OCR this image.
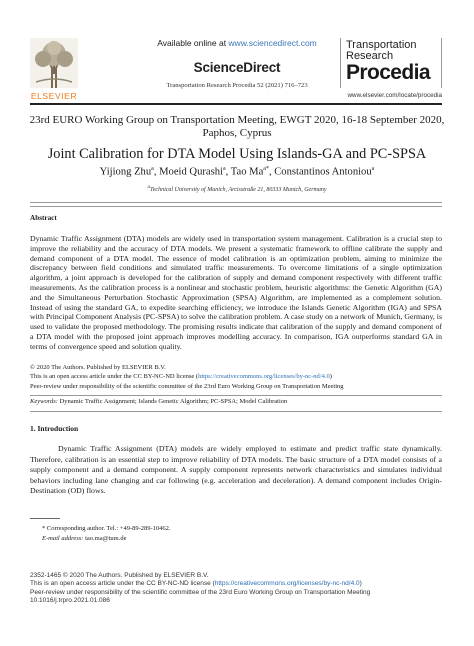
ELSEVIER
Available online at www.sciencedirect.com
ScienceDirect
Transportation Research Procedia 52 (2021) 716–723
Transportation
Research
Procedia
www.elsevier.com/locate/procedia
23rd EURO Working Group on Transportation Meeting, EWGT 2020, 16-18 September 2020,
Paphos, Cyprus
Joint Calibration for DTA Model Using Islands-GA and PC-SPSA
Yijiong Zhu$^a$, Moeid Qurashi$^a$, Tao $Ma^{a*}$, Constantinos Antoniou$^a$
$^a$Technical University of Munich, Arcisstraße 21, 80333 Munich, Germany
Abstract
Dynamic Traffic Assignment (DTA) models are widely used in transportation system management. Calibration is a crucial step to improve the reliability and the accuracy of DTA models. We present a systematic framework to offline calibrate the supply and demand component of a DTA model. The essence of model calibration is an optimization problem, aiming to minimize the discrepancy between field conditions and simulated traffic measurements. To overcome limitations of a single optimization algorithm, a joint approach is developed for the calibration of supply and demand component respectively with different traffic measurements. As the calibration process is a nonlinear and stochastic problem, heuristic algorithms: the Genetic Algorithm (GA) and the Simultaneous Perturbation Stochastic Approximation (SPSA) Algorithm, are implemented as a complement solution. Instead of using the standard GA, to expedite searching efficiency, we introduce the Islands Genetic Algorithm (IGA) and SPSA with Principal Component Analysis (PC-SPSA) to solve the calibration problem. A case study on a network of Munich, Germany, is used to validate the proposed methodology. The promising results indicate that calibration of the supply and demand component of a DTA model with the proposed joint approach improves modelling accuracy. In comparison, IGA outperforms standard GA in terms of convergence speed and solution quality.
© 2020 The Authors. Published by ELSEVIER B.V.
This is an open access article under the CC BY-NC-ND license (https://creativecommons.org/licenses/by-nc-nd/4.0)
Peer-review under responsibility of the scientific committee of the 23rd Euro Working Group on Transportation Meeting
Keywords: Dynamic Traffic Assignment; Islands Genetic Algorithm; PC-SPSA; Model Calibration
1. Introduction
Dynamic Traffic Assignment (DTA) models are widely employed to estimate and predict traffic state dynamically. Therefore, calibration is an essential step to improve reliability of DTA models. The basic structure of a DTA model consists of a supply component and a demand component. A supply component represents network characteristics and simulates individual behaviors including lane changing and car following (e.g. acceleration and deceleration). A demand component includes Origin-Destination (OD) flows.
* Corresponding author. Tel.: +49-89-289-10462.
E-mail address: tao.ma@tum.de
2352-1465 © 2020 The Authors. Published by ELSEVIER B.V.
This is an open access article under the CC BY-NC-ND license (https://creativecommons.org/licenses/by-nc-nd/4.0)
Peer-review under responsibility of the scientific committee of the 23rd Euro Working Group on Transportation Meeting
10.1016/j.trpro.2021.01.086
